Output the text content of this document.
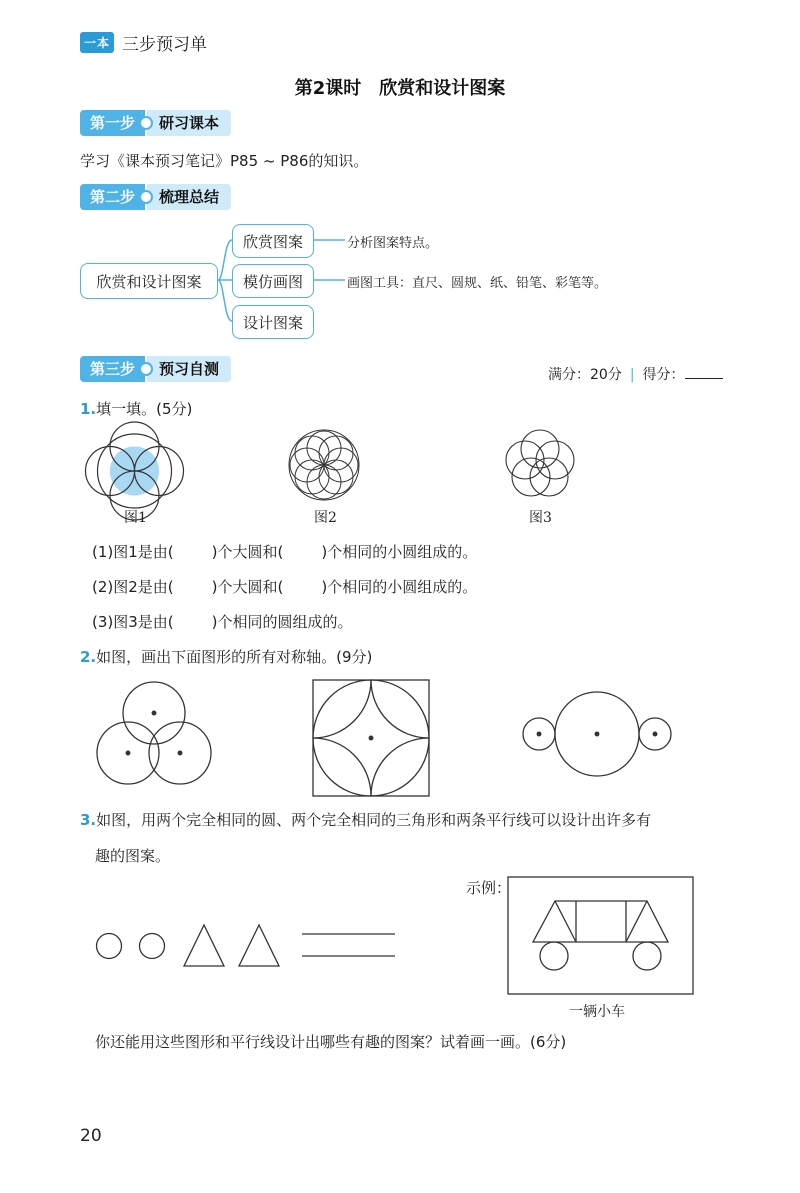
一本 三步预习单
第2课时　欣赏和设计图案
第一步	研习课本
学习《课本预习笔记》P85 ~ P86的知识。
第二步	梳理总结
欣赏和设计图案
欣赏图案
模仿画图
设计图案
分析图案特点。
画图工具：直尺、圆规、纸、铅笔、彩笔等。
第三步	预习自测	满分：20分 | 得分：
1.填一填。(5分)
图1	图2	图3
(1)图1是由(	)个大圆和(	)个相同的小圆组成的。
(2)图2是由(	)个大圆和(	)个相同的小圆组成的。
(3)图3是由(	)个相同的圆组成的。
2.如图，画出下面图形的所有对称轴。(9分)
3.如图，用两个完全相同的圆、两个完全相同的三角形和两条平行线可以设计出许多有
趣的图案。
示例：
一辆小车
你还能用这些图形和平行线设计出哪些有趣的图案？试着画一画。(6分)
20
